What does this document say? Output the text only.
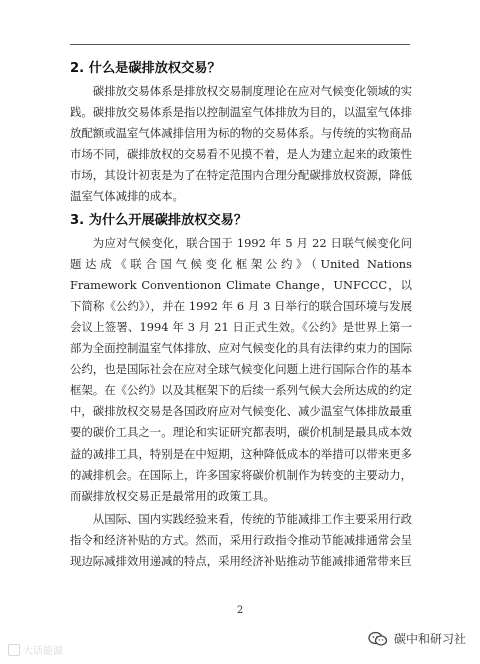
2. 什么是碳排放权交易？

碳排放交易体系是排放权交易制度理论在应对气候变化领域的实践。碳排放交易体系是指以控制温室气体排放为目的，以温室气体排放配额或温室气体减排信用为标的物的交易体系。与传统的实物商品市场不同，碳排放权的交易看不见摸不着，是人为建立起来的政策性市场，其设计初衷是为了在特定范围内合理分配碳排放权资源，降低温室气体减排的成本。

3. 为什么开展碳排放权交易？

为应对气候变化，联合国于 1992 年 5 月 22 日联气候变化问题达成《联合国气候变化框架公约》（United Nations Framework Conventionon Climate Change，UNFCCC，以下简称《公约》），并在 1992 年 6 月 3 日举行的联合国环境与发展会议上签署、1994 年 3 月 21 日正式生效。《公约》是世界上第一部为全面控制温室气体排放、应对气候变化的具有法律约束力的国际公约，也是国际社会在应对全球气候变化问题上进行国际合作的基本框架。在《公约》以及其框架下的后续一系列气候大会所达成的约定中，碳排放权交易是各国政府应对气候变化、减少温室气体排放最重要的碳价工具之一。理论和实证研究都表明，碳价机制是最具成本效益的减排工具，特别是在中短期，这种降低成本的举措可以带来更多的减排机会。在国际上，许多国家将碳价机制作为转变的主要动力，而碳排放权交易正是最常用的政策工具。

从国际、国内实践经验来看，传统的节能减排工作主要采用行政指令和经济补贴的方式。然而，采用行政指令推动节能减排通常会呈现边际减排效用递减的特点，采用经济补贴推动节能减排通常带来巨

2
大话能源
碳中和研习社
